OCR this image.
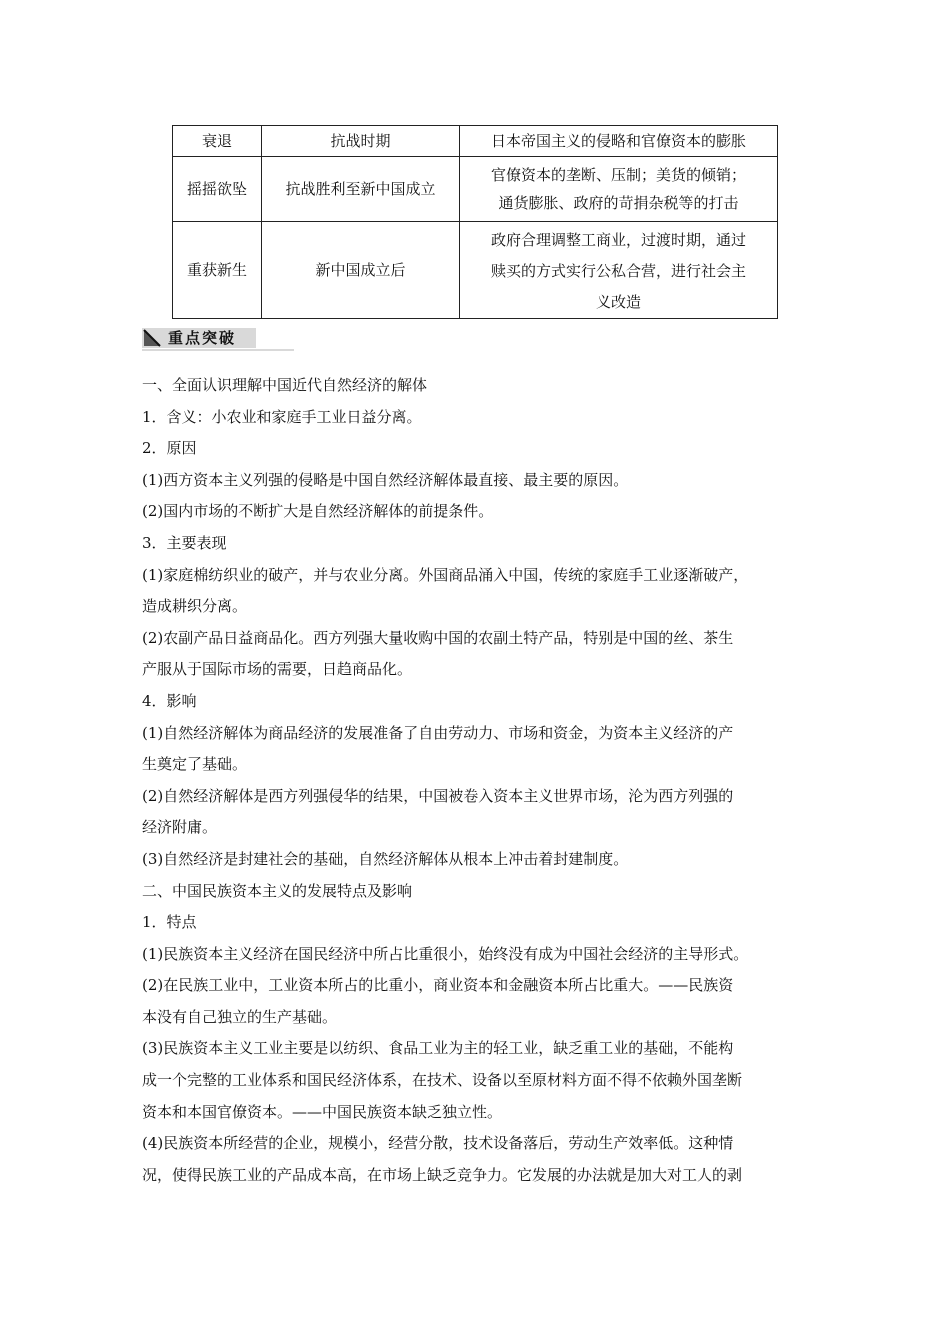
衰退	抗战时期	日本帝国主义的侵略和官僚资本的膨胀
摇摇欲坠	抗战胜利至新中国成立	官僚资本的垄断、压制；美货的倾销；
通货膨胀、政府的苛捐杂税等的打击
重获新生	新中国成立后	政府合理调整工商业，过渡时期，通过
赎买的方式实行公私合营，进行社会主
义改造
重点突破

一、全面认识理解中国近代自然经济的解体

1．含义：小农业和家庭手工业日益分离。

2．原因

(1)西方资本主义列强的侵略是中国自然经济解体最直接、最主要的原因。

(2)国内市场的不断扩大是自然经济解体的前提条件。

3．主要表现

(1)家庭棉纺织业的破产，并与农业分离。外国商品涌入中国，传统的家庭手工业逐渐破产，
造成耕织分离。

(2)农副产品日益商品化。西方列强大量收购中国的农副土特产品，特别是中国的丝、茶生
产服从于国际市场的需要，日趋商品化。

4．影响

(1)自然经济解体为商品经济的发展准备了自由劳动力、市场和资金，为资本主义经济的产
生奠定了基础。

(2)自然经济解体是西方列强侵华的结果，中国被卷入资本主义世界市场，沦为西方列强的
经济附庸。

(3)自然经济是封建社会的基础，自然经济解体从根本上冲击着封建制度。

二、中国民族资本主义的发展特点及影响

1．特点

(1)民族资本主义经济在国民经济中所占比重很小，始终没有成为中国社会经济的主导形式。

(2)在民族工业中，工业资本所占的比重小，商业资本和金融资本所占比重大。——民族资
本没有自己独立的生产基础。

(3)民族资本主义工业主要是以纺织、食品工业为主的轻工业，缺乏重工业的基础，不能构
成一个完整的工业体系和国民经济体系，在技术、设备以至原材料方面不得不依赖外国垄断
资本和本国官僚资本。——中国民族资本缺乏独立性。

(4)民族资本所经营的企业，规模小，经营分散，技术设备落后，劳动生产效率低。这种情
况，使得民族工业的产品成本高，在市场上缺乏竞争力。它发展的办法就是加大对工人的剥
